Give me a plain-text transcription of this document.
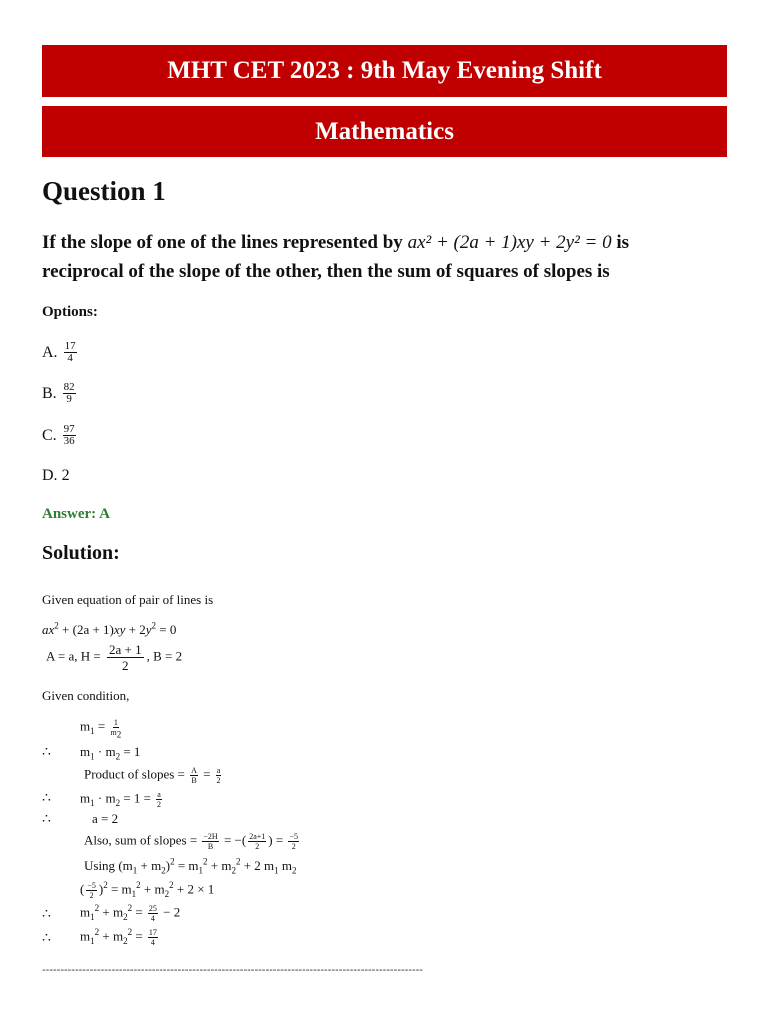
MHT CET 2023 : 9th May Evening Shift
Mathematics
Question 1
If the slope of one of the lines represented by ax² + (2a + 1)xy + 2y² = 0 is
reciprocal of the slope of the other, then the sum of squares of slopes is
Options:
A. $\frac{17}{4}$
B. $\frac{82}{9}$
C. $\frac{97}{36}$
D. 2
Answer: A
Solution:
Given equation of pair of lines is
$ax^2 + (2a + 1)xy + 2y^2 = 0$
A = a, $H = \frac{2a + 1}{2}$ , B = 2
Given condition,
$m_1 = \frac{1}{m_2}$
∴ $m_1 \cdot m_2 = 1$
Product of slopes = $\frac{A}{B} = \frac{a}{2}$
∴ $m_1 \cdot m_2 = 1 = \frac{a}{2}$
∴	a = 2
Also, sum of slopes = $\frac{-2H}{B}$ = −( $\frac{2a+1}{2}$ ) = $\frac{-5}{2}$
Using $(m_1 + m_2)^2 = m_1^2 + m_2^2 + 2$ $m_1$ $m_2$
( $\frac{-5}{2} )^2 = m_1^2 + m_2^2 + 2 \times 1$
∴ $m_1^2 + m_2^2 = \frac{25}{4} - 2$
∴ $m_1^2 + m_2^2 = \frac{17}{4}$
--------------------------------------------------------------------------------------------------------
